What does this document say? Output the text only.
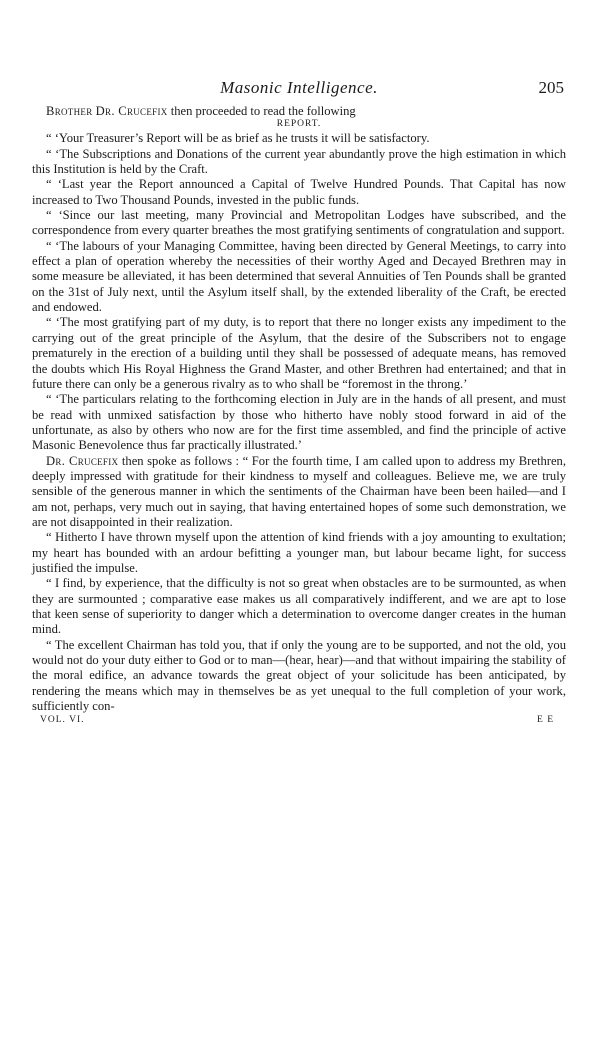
Masonic Intelligence.	205

Brother Dr. Crucefix then proceeded to read the following

REPORT.

“ ‘Your Treasurer’s Report will be as brief as he trusts it will be satisfactory.

“ ‘The Subscriptions and Donations of the current year abundantly prove the high estimation in which this Institution is held by the Craft.

“ ‘Last year the Report announced a Capital of Twelve Hundred Pounds. That Capital has now increased to Two Thousand Pounds, invested in the public funds.

“ ‘Since our last meeting, many Provincial and Metropolitan Lodges have subscribed, and the correspondence from every quarter breathes the most gratifying sentiments of congratulation and support.

“ ‘The labours of your Managing Committee, having been directed by General Meetings, to carry into effect a plan of operation whereby the necessities of their worthy Aged and Decayed Brethren may in some measure be alleviated, it has been determined that several Annuities of Ten Pounds shall be granted on the 31st of July next, until the Asylum itself shall, by the extended liberality of the Craft, be erected and endowed.

“ ‘The most gratifying part of my duty, is to report that there no longer exists any impediment to the carrying out of the great principle of the Asylum, that the desire of the Subscribers not to engage prematurely in the erection of a building until they shall be possessed of adequate means, has removed the doubts which His Royal Highness the Grand Master, and other Brethren had entertained; and that in future there can only be a generous rivalry as to who shall be “foremost in the throng.’

“ ‘The particulars relating to the forthcoming election in July are in the hands of all present, and must be read with unmixed satisfaction by those who hitherto have nobly stood forward in aid of the unfortunate, as also by others who now are for the first time assembled, and find the principle of active Masonic Benevolence thus far practically illustrated.’

Dr. Crucefix then spoke as follows : “ For the fourth time, I am called upon to address my Brethren, deeply impressed with gratitude for their kindness to myself and colleagues. Believe me, we are truly sensible of the generous manner in which the sentiments of the Chairman have been been hailed—and I am not, perhaps, very much out in saying, that having entertained hopes of some such demonstration, we are not disappointed in their realization.

“ Hitherto I have thrown myself upon the attention of kind friends with a joy amounting to exultation; my heart has bounded with an ardour befitting a younger man, but labour became light, for success justified the impulse.

“ I find, by experience, that the difficulty is not so great when obstacles are to be surmounted, as when they are surmounted ; comparative ease makes us all comparatively indifferent, and we are apt to lose that keen sense of superiority to danger which a determination to overcome danger creates in the human mind.

“ The excellent Chairman has told you, that if only the young are to be supported, and not the old, you would not do your duty either to God or to man—(hear, hear)—and that without impairing the stability of the moral edifice, an advance towards the great object of your solicitude has been anticipated, by rendering the means which may in themselves be as yet unequal to the full completion of your work, sufficiently con-

VOL. VI.	E E
